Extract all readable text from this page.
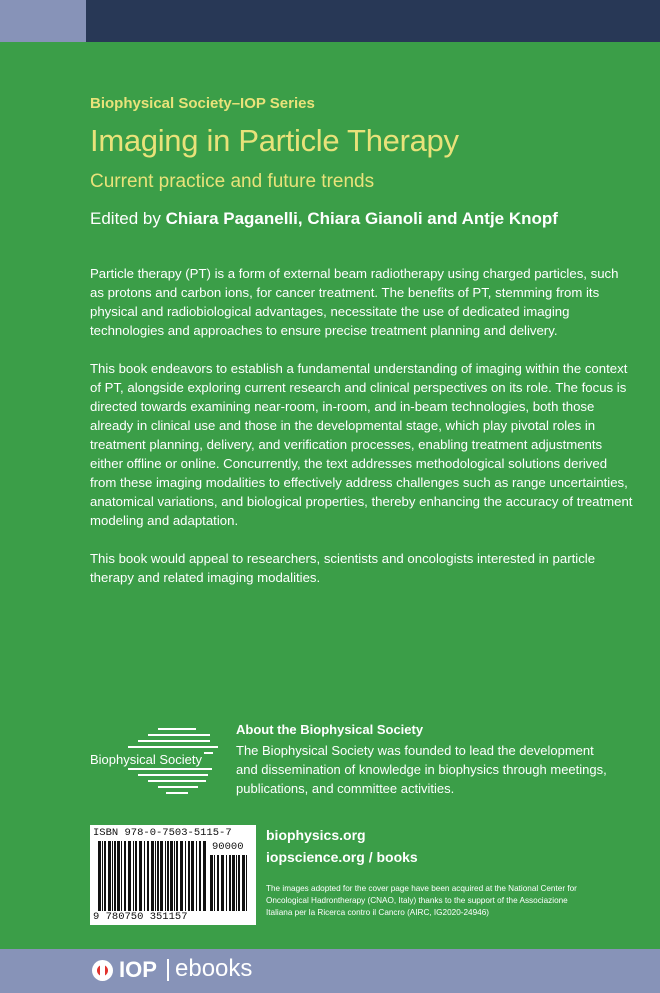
Biophysical Society–IOP Series
Imaging in Particle Therapy
Current practice and future trends
Edited by Chiara Paganelli, Chiara Gianoli and Antje Knopf

Particle therapy (PT) is a form of external beam radiotherapy using charged particles, such as protons and carbon ions, for cancer treatment. The benefits of PT, stemming from its physical and radiobiological advantages, necessitate the use of dedicated imaging technologies and approaches to ensure precise treatment planning and delivery.

This book endeavors to establish a fundamental understanding of imaging within the context of PT, alongside exploring current research and clinical perspectives on its role. The focus is directed towards examining near-room, in-room, and in-beam technologies, both those already in clinical use and those in the developmental stage, which play pivotal roles in treatment planning, delivery, and verification processes, enabling treatment adjustments either offline or online. Concurrently, the text addresses methodological solutions derived from these imaging modalities to effectively address challenges such as range uncertainties, anatomical variations, and biological properties, thereby enhancing the accuracy of treatment modeling and adaptation.

This book would appeal to researchers, scientists and oncologists interested in particle therapy and related imaging modalities.

Biophysical Society
About the Biophysical Society
The Biophysical Society was founded to lead the development and dissemination of knowledge in biophysics through meetings, publications, and committee activities.
ISBN 978-0-7503-5115-7
90000
9 780750 351157
biophysics.org
iopscience.org / books
The images adopted for the cover page have been acquired at the National Center for Oncological Hadrontherapy (CNAO, Italy) thanks to the support of the Associazione Italiana per la Ricerca contro il Cancro (AIRC, IG2020-24946)
IOP ebooks
